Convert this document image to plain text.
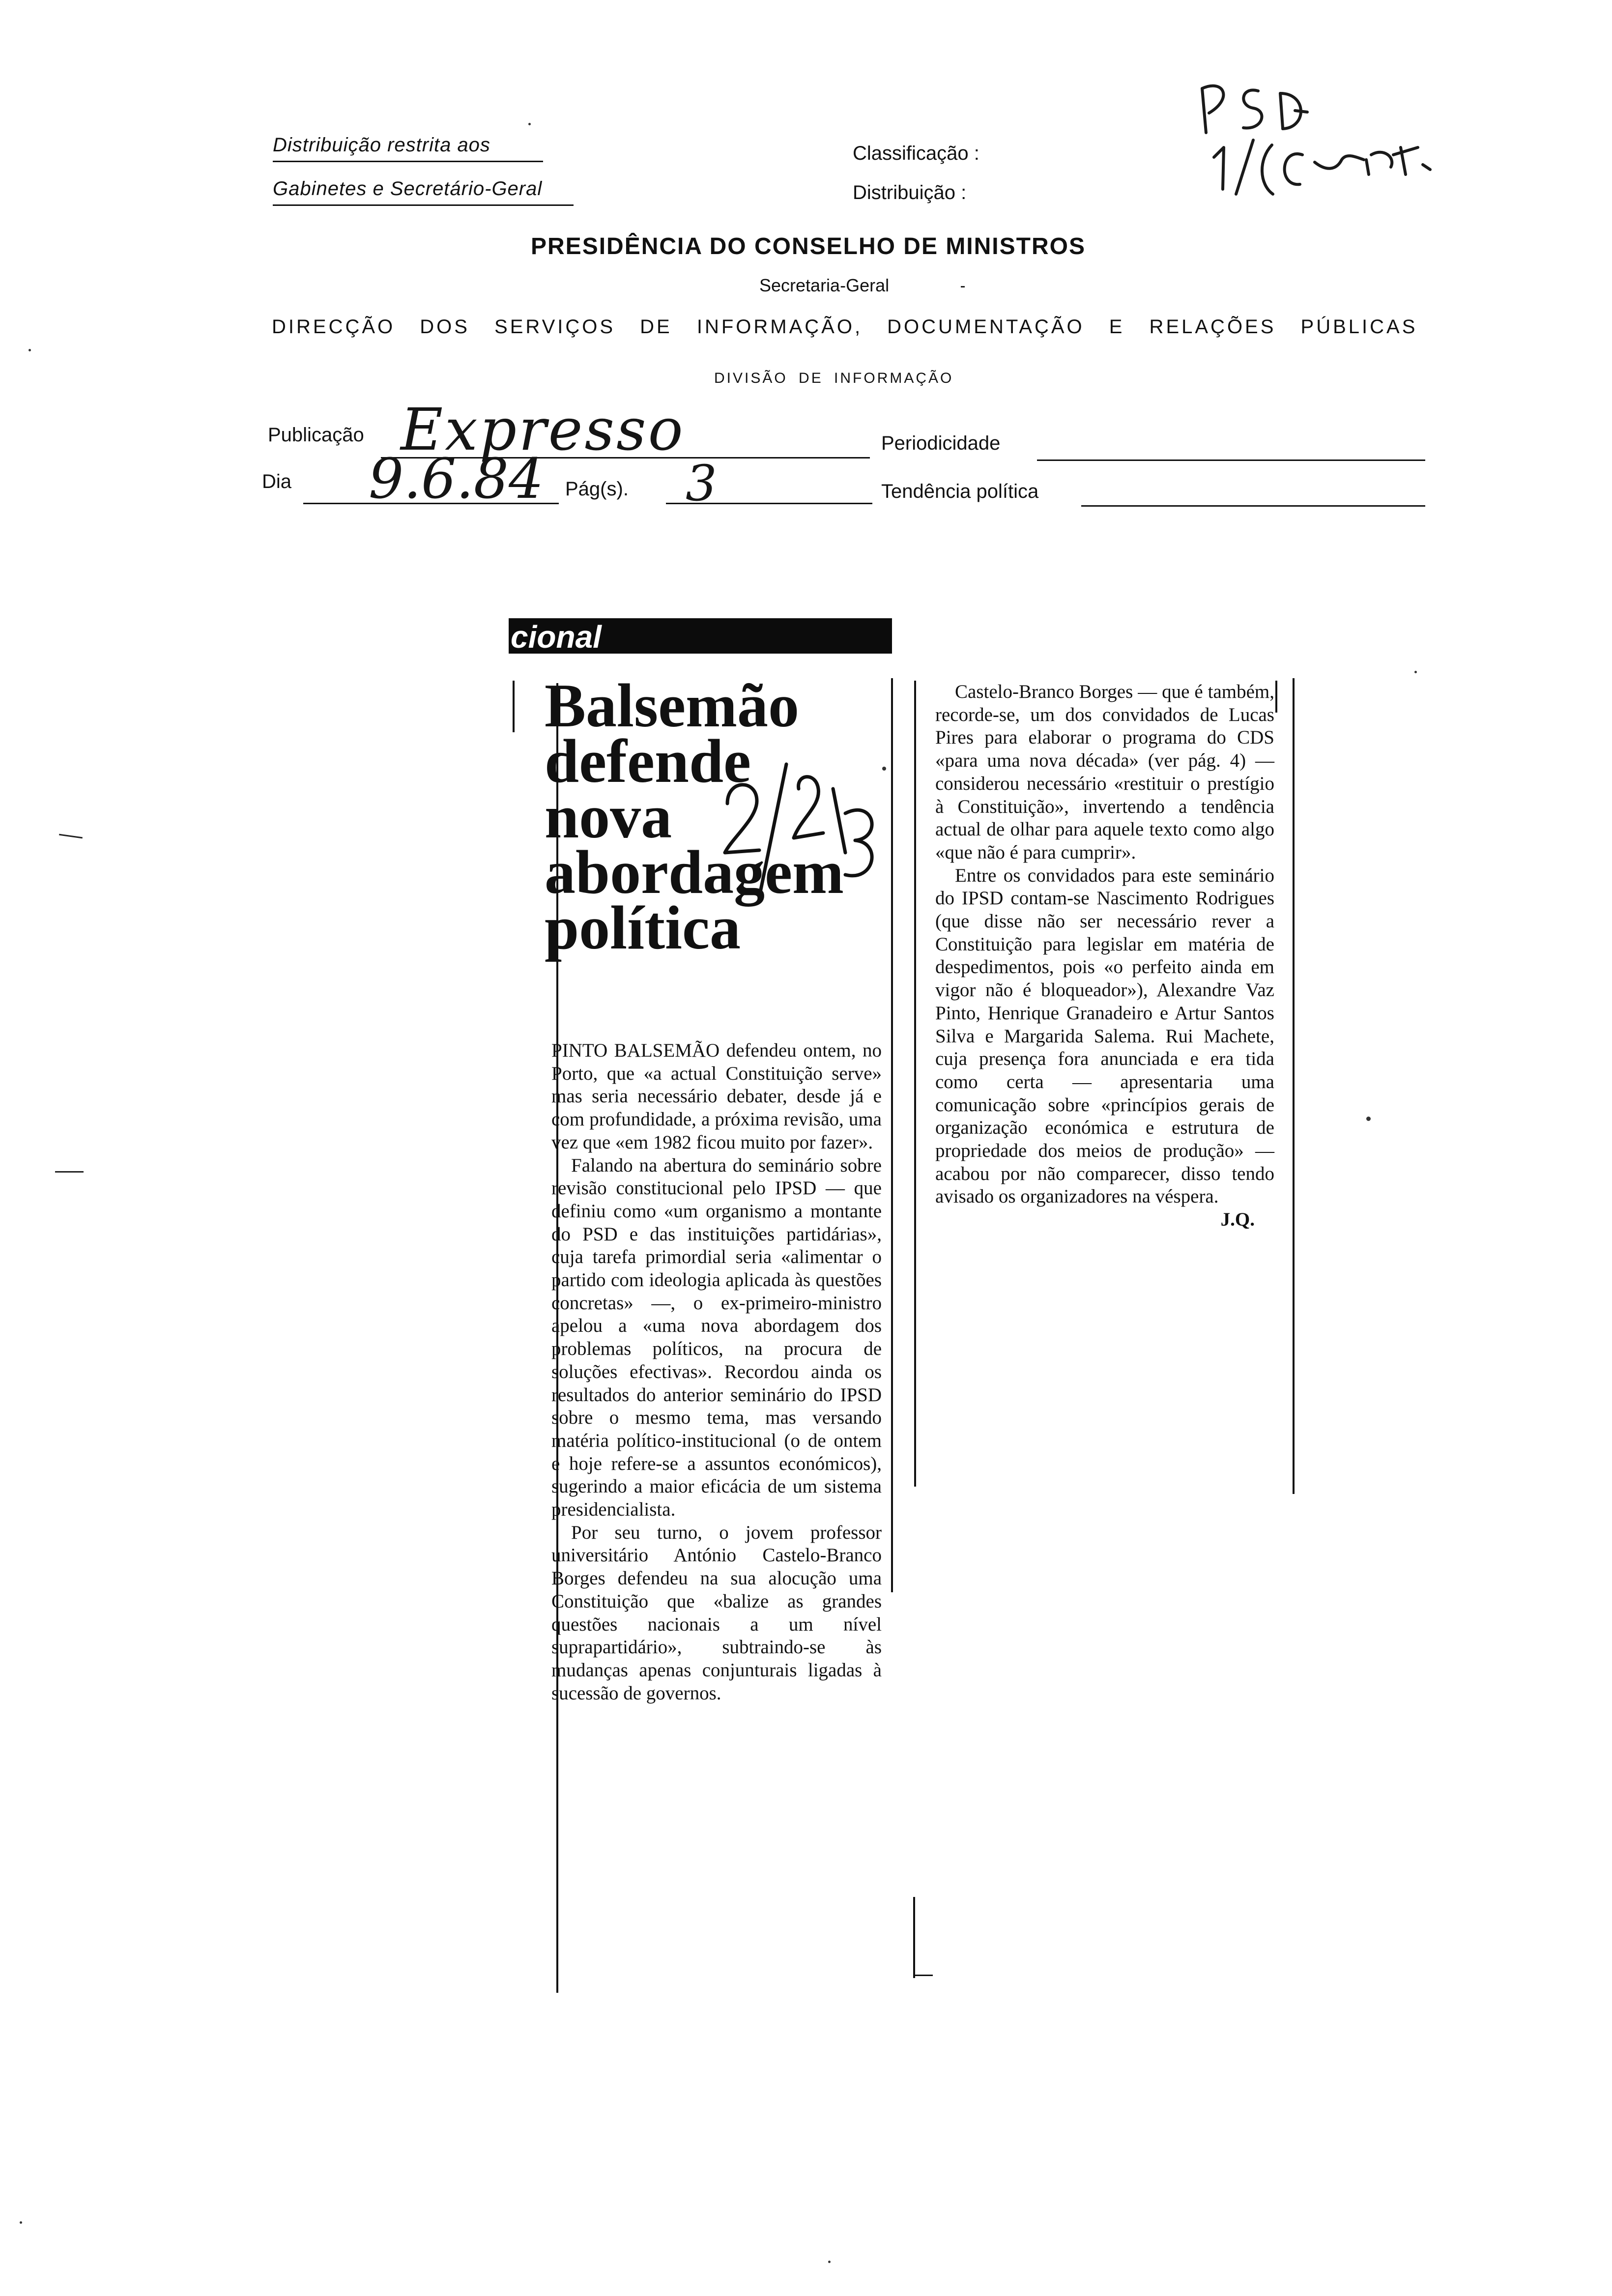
Distribuição restrita aos
Gabinetes e Secretário-Geral
Classificação :
Distribuição :
PRESIDÊNCIA DO CONSELHO DE MINISTROS
Secretaria-Geral
DIRECÇÃO DOS SERVIÇOS DE INFORMAÇÃO, DOCUMENTAÇÃO E RELAÇÕES PÚBLICAS
DIVISÃO DE INFORMAÇÃO
Publicação Expresso	Periodicidade
Dia 9.6.84 Pág(s). 3	Tendência política
cional
Balsemão
defende
nova
abordagem
política

PINTO BALSEMÃO defendeu ontem, no Porto, que «a actual Constituição serve» mas seria necessário debater, desde já e com profundidade, a próxima revisão, uma vez que «em 1982 ficou muito por fazer».

Falando na abertura do seminário sobre revisão constitucional pelo IPSD — que definiu como «um organismo a montante do PSD e das instituições partidárias», cuja tarefa primordial seria «alimentar o partido com ideologia aplicada às questões concretas» —, o ex-primeiro-ministro apelou a «uma nova abordagem dos problemas políticos, na procura de soluções efectivas». Recordou ainda os resultados do anterior seminário do IPSD sobre o mesmo tema, mas versando matéria político-institucional (o de ontem e hoje refere-se a assuntos económicos), sugerindo a maior eficácia de um sistema presidencialista.

Por seu turno, o jovem professor universitário António Castelo-Branco Borges defendeu na sua alocução uma Constituição que «balize as grandes questões nacionais a um nível suprapartidário», subtraindo-se às mudanças apenas conjunturais ligadas à sucessão de governos.

Castelo-Branco Borges — que é também, recorde-se, um dos convidados de Lucas Pires para elaborar o programa do CDS «para uma nova década» (ver pág. 4) — considerou necessário «restituir o prestígio à Constituição», invertendo a tendência actual de olhar para aquele texto como algo «que não é para cumprir».

Entre os convidados para este seminário do IPSD contam-se Nascimento Rodrigues (que disse não ser necessário rever a Constituição para legislar em matéria de despedimentos, pois «o perfeito ainda em vigor não é bloqueador»), Alexandre Vaz Pinto, Henrique Granadeiro e Artur Santos Silva e Margarida Salema. Rui Machete, cuja presença fora anunciada e era tida como certa — apresentaria uma comunicação sobre «princípios gerais de organização económica e estrutura de propriedade dos meios de produção» — acabou por não comparecer, disso tendo avisado os organizadores na véspera.

J.Q.
